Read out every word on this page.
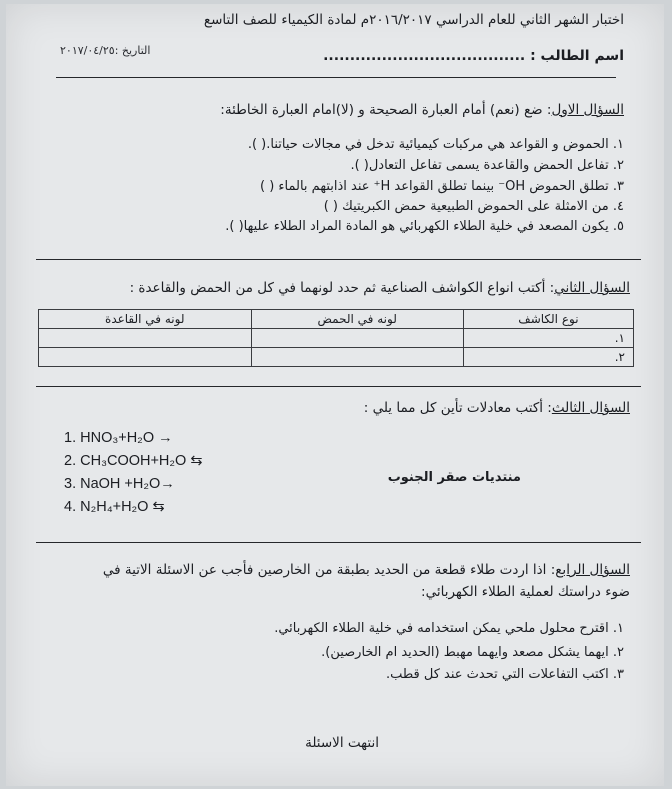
اختبار الشهر الثاني للعام الدراسي ٢٠١٦/٢٠١٧م لمادة الكيمياء للصف التاسع
اسم الطالب : ......................................
التاريخ :٢٠١٧/٠٤/٢٥
السؤال الاول: ضع (نعم) أمام العبارة الصحيحة و (لا)امام العبارة الخاطئة:
١. الحموض و القواعد هي مركبات كيميائية تدخل في مجالات حياتنا.( ).
٢. تفاعل الحمض والقاعدة يسمى تفاعل التعادل( ).
٣. تطلق الحموض OH⁻ بينما تطلق القواعد H⁺ عند اذابتهم بالماء ( )
٤. من الامثلة على الحموض الطبيعية حمض الكبريتيك ( )
٥. يكون المصعد في خلية الطلاء الكهربائي هو المادة المراد الطلاء عليها( ).
السؤال الثاني: أكتب انواع الكواشف الصناعية ثم حدد لونهما في كل من الحمض والقاعدة :
نوع الكاشف	لونه في الحمض	لونه في القاعدة
١.		
٢.		
السؤال الثالث: أكتب معادلات تأين كل مما يلي :
1. HNO₃+H₂O →
2. CH₃COOH+H₂O ⇆
3. NaOH +H₂O→
4. N₂H₄+H₂O ⇆
منتديات صقر الجنوب
السؤال الرابع: اذا اردت طلاء قطعة من الحديد بطبقة من الخارصين فأجب عن الاسئلة الاتية في
ضوء دراستك لعملية الطلاء الكهربائي:
١. اقترح محلول ملحي يمكن استخدامه في خلية الطلاء الكهربائي.
٢. ايهما يشكل مصعد وايهما مهبط (الحديد ام الخارصين).
٣. اكتب التفاعلات التي تحدث عند كل قطب.
انتهت الاسئلة
